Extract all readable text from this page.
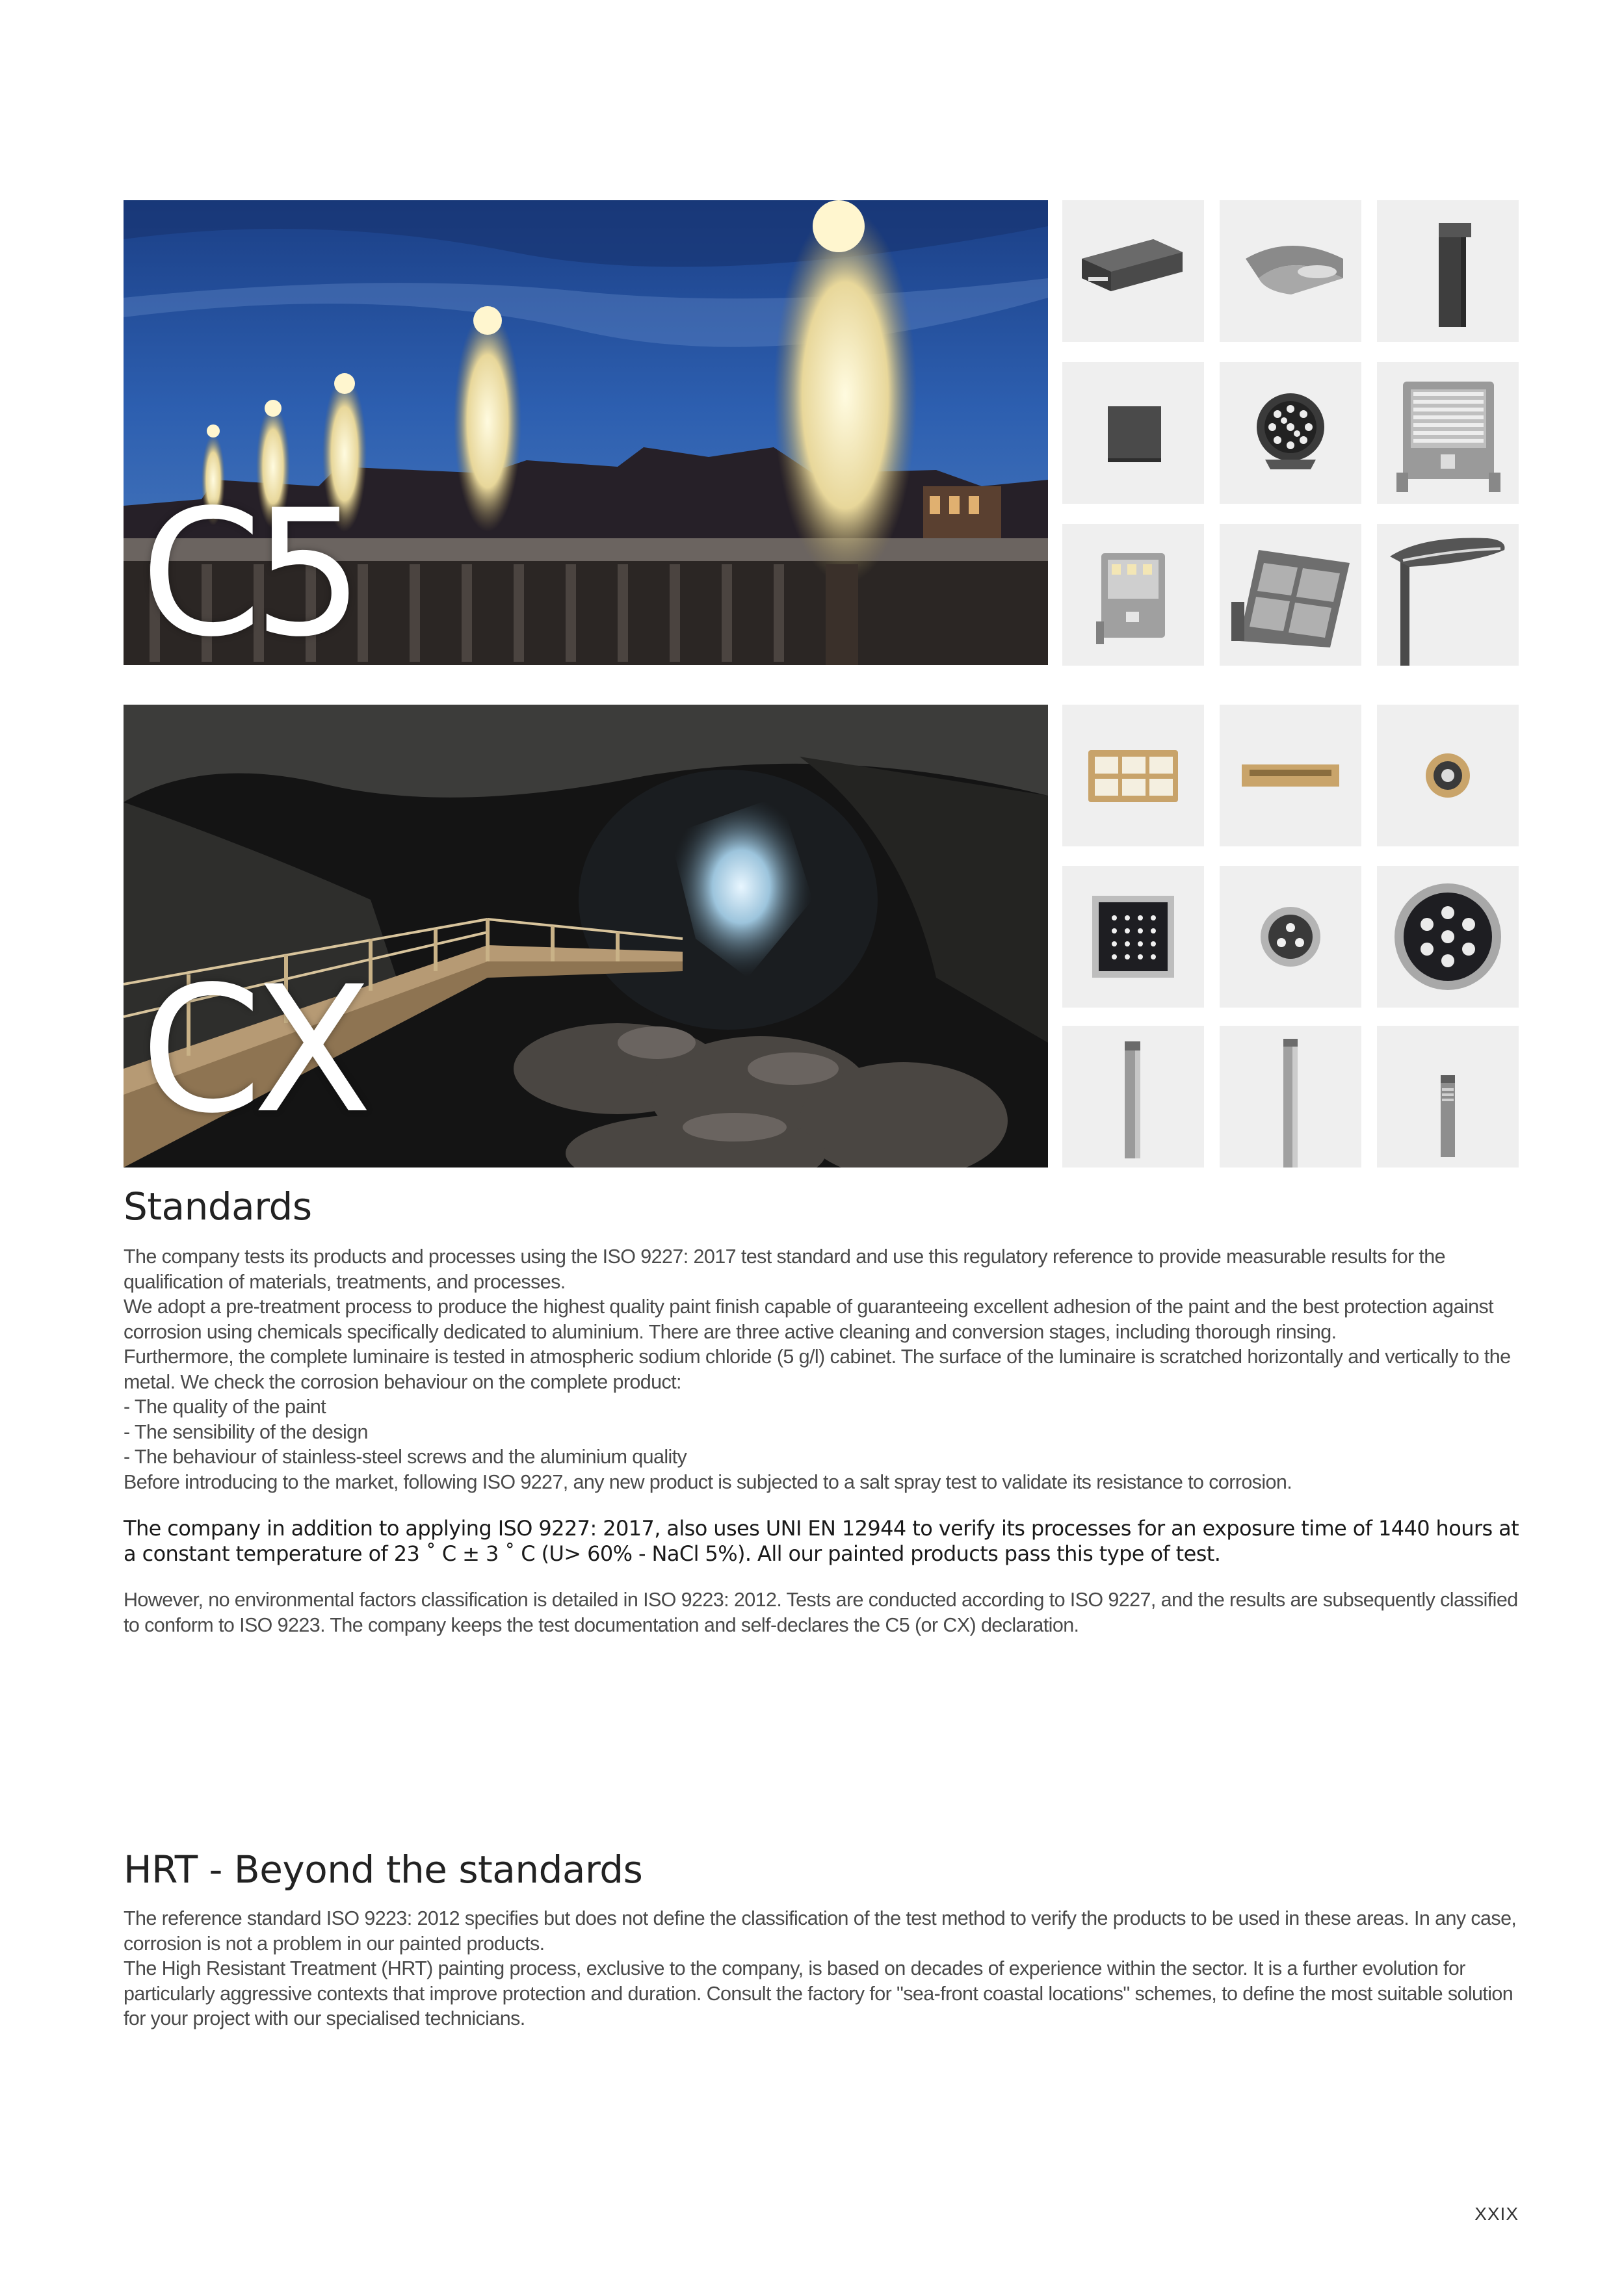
C5
CX
Standards

The company tests its products and processes using the ISO 9227: 2017 test standard and use this regulatory reference to provide measurable results for the qualification of materials, treatments, and processes.

We adopt a pre-treatment process to produce the highest quality paint finish capable of guaranteeing excellent adhesion of the paint and the best protection against corrosion using chemicals specifically dedicated to aluminium. There are three active cleaning and conversion stages, including thorough rinsing.

Furthermore, the complete luminaire is tested in atmospheric sodium chloride (5 g/l) cabinet. The surface of the luminaire is scratched horizontally and vertically to the metal. We check the corrosion behaviour on the complete product:

- The quality of the paint

- The sensibility of the design

- The behaviour of stainless-steel screws and the aluminium quality

Before introducing to the market, following ISO 9227, any new product is subjected to a salt spray test to validate its resistance to corrosion.

The company in addition to applying ISO 9227: 2017, also uses UNI EN 12944 to verify its processes for an exposure time of 1440 hours at a constant temperature of 23 ˚ C ± 3 ˚ C (U> 60% - NaCl 5%). All our painted products pass this type of test.
However, no environmental factors classification is detailed in ISO 9223: 2012. Tests are conducted according to ISO 9227, and the results are subsequently classified to conform to ISO 9223. The company keeps the test documentation and self-declares the C5 (or CX) declaration.
HRT - Beyond the standards

The reference standard ISO 9223: 2012 specifies but does not define the classification of the test method to verify the products to be used in these areas. In any case, corrosion is not a problem in our painted products.

The High Resistant Treatment (HRT) painting process, exclusive to the company, is based on decades of experience within the sector. It is a further evolution for particularly aggressive contexts that improve protection and duration. Consult the factory for "sea-front coastal locations" schemes, to define the most suitable solution for your project with our specialised technicians.

XXIX
